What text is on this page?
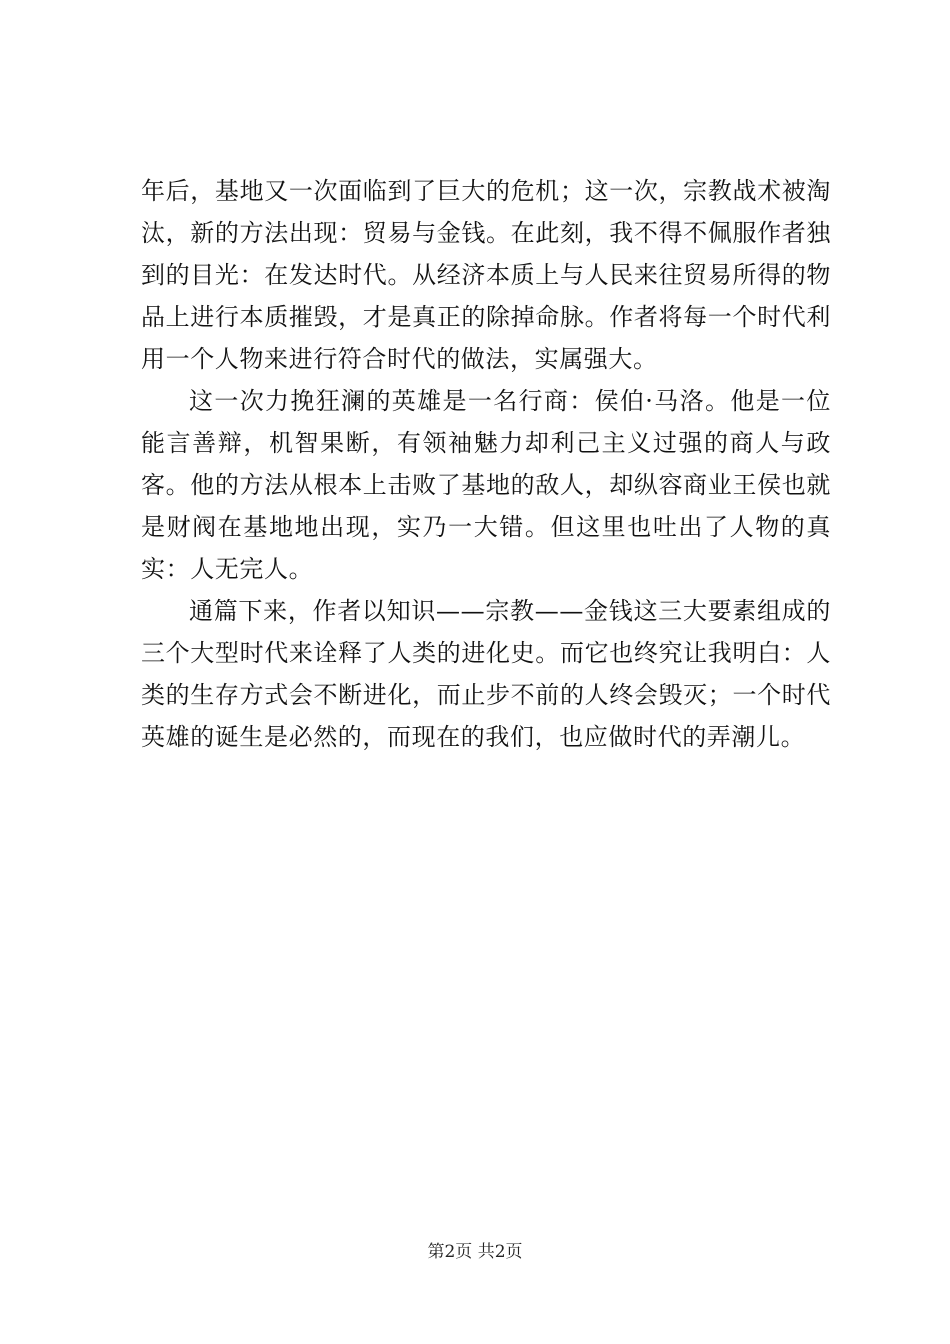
年后，基地又一次面临到了巨大的危机；这一次，宗教战术被淘汰，新的方法出现：贸易与金钱。在此刻，我不得不佩服作者独到的目光：在发达时代。从经济本质上与人民来往贸易所得的物品上进行本质摧毁，才是真正的除掉命脉。作者将每一个时代利用一个人物来进行符合时代的做法，实属强大。

这一次力挽狂澜的英雄是一名行商：侯伯·马洛。他是一位能言善辩，机智果断，有领袖魅力却利己主义过强的商人与政客。他的方法从根本上击败了基地的敌人，却纵容商业王侯也就是财阀在基地地出现，实乃一大错。但这里也吐出了人物的真实：人无完人。

通篇下来，作者以知识——宗教——金钱这三大要素组成的三个大型时代来诠释了人类的进化史。而它也终究让我明白：人类的生存方式会不断进化，而止步不前的人终会毁灭；一个时代英雄的诞生是必然的，而现在的我们，也应做时代的弄潮儿。

第2页 共2页
